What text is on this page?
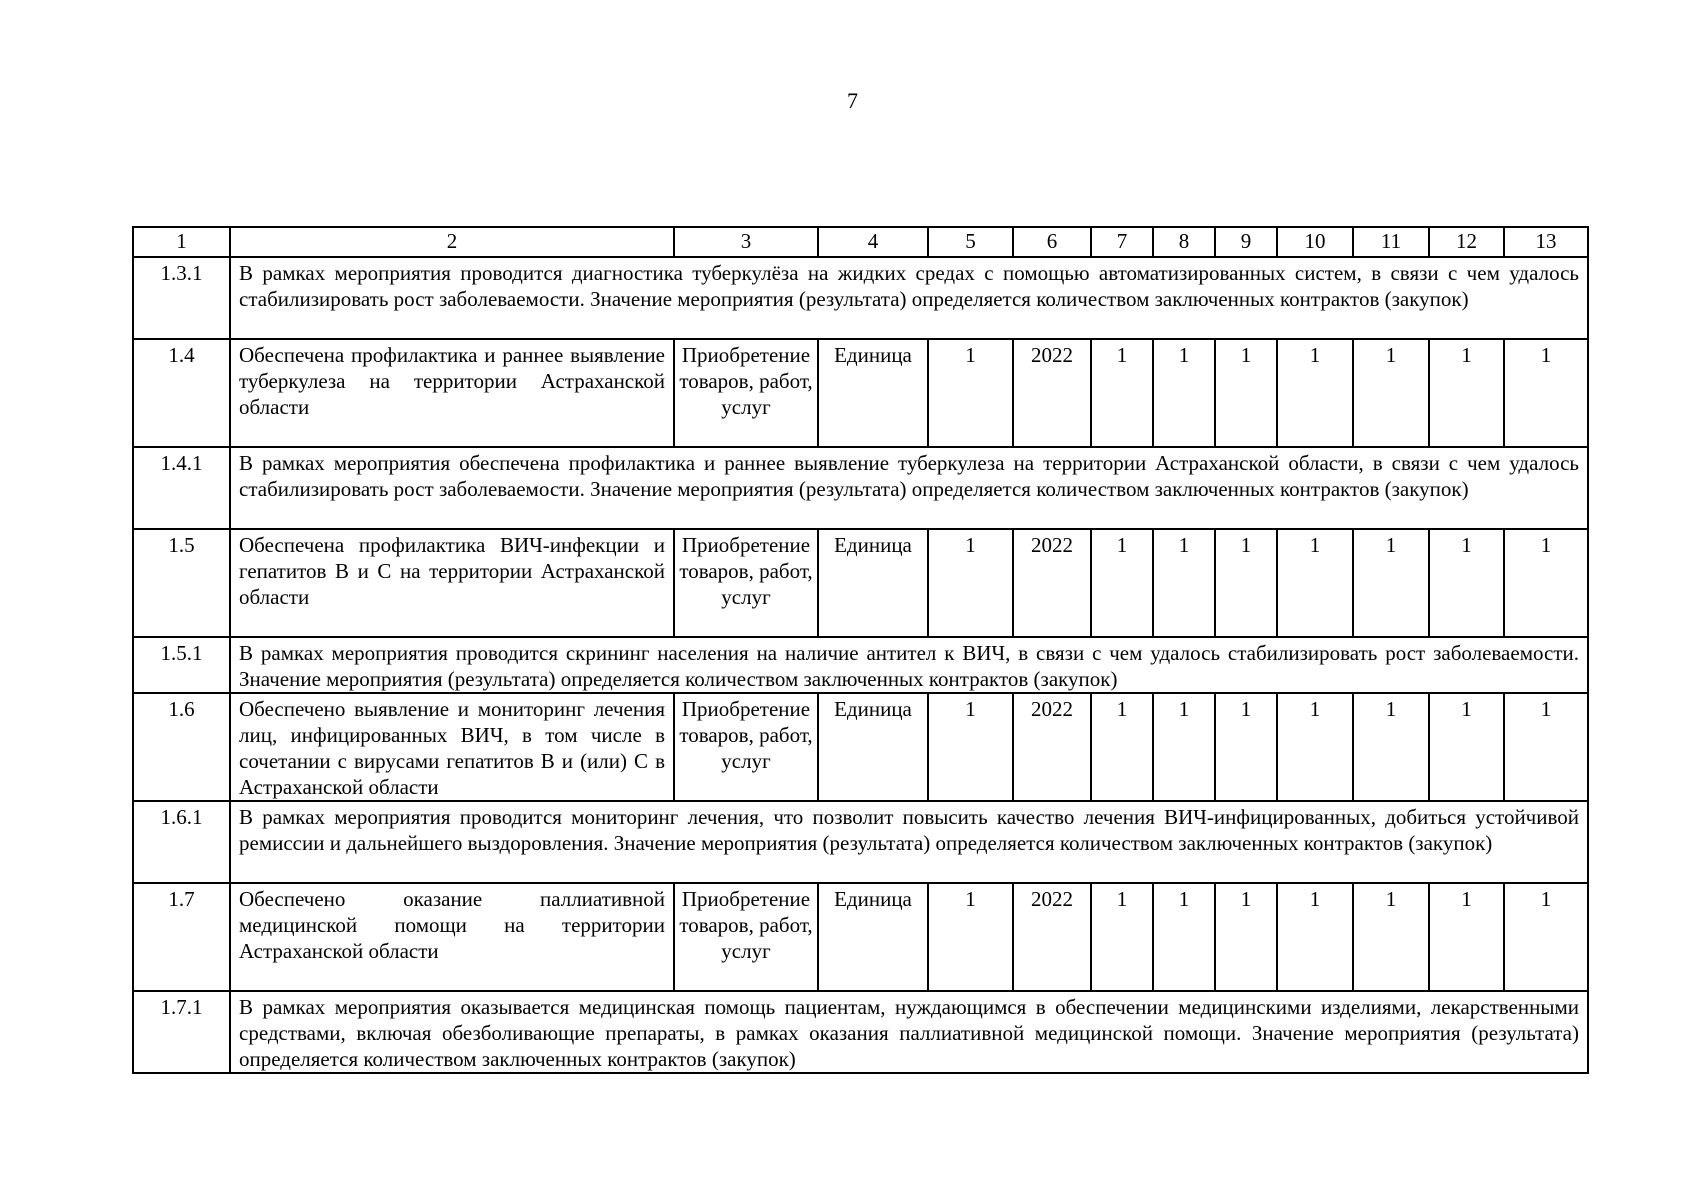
7
1	2	3	4	5	6	7	8	9	10	11	12	13
1.3.1	В рамках мероприятия проводится диагностика туберкулёза на жидких средах с помощью автоматизированных систем, в связи с чем удалось стабилизировать рост заболеваемости. Значение мероприятия (результата) определяется количеством заключенных контрактов (закупок)											
1.4	Обеспечена профилактика и раннее выявление туберкулеза на территории Астраханской области	Приобретение товаров, работ, услуг	Единица	1	2022	1	1	1	1	1	1	1
1.4.1	В рамках мероприятия обеспечена профилактика и раннее выявление туберкулеза на территории Астраханской области, в связи с чем удалось стабилизировать рост заболеваемости. Значение мероприятия (результата) определяется количеством заключенных контрактов (закупок)											
1.5	Обеспечена профилактика ВИЧ-инфекции и гепатитов В и С на территории Астраханской области	Приобретение товаров, работ, услуг	Единица	1	2022	1	1	1	1	1	1	1
1.5.1	В рамках мероприятия проводится скрининг населения на наличие антител к ВИЧ, в связи с чем удалось стабилизировать рост заболеваемости. Значение мероприятия (результата) определяется количеством заключенных контрактов (закупок)											
1.6	Обеспечено выявление и мониторинг лечения лиц, инфицированных ВИЧ, в том числе в сочетании с вирусами гепатитов В и (или) С в Астраханской области	Приобретение товаров, работ, услуг	Единица	1	2022	1	1	1	1	1	1	1
1.6.1	В рамках мероприятия проводится мониторинг лечения, что позволит повысить качество лечения ВИЧ-инфицированных, добиться устойчивой ремиссии и дальнейшего выздоровления. Значение мероприятия (результата) определяется количеством заключенных контрактов (закупок)											
1.7	Обеспечено оказание паллиативной медицинской помощи на территории Астраханской области	Приобретение товаров, работ, услуг	Единица	1	2022	1	1	1	1	1	1	1
1.7.1	В рамках мероприятия оказывается медицинская помощь пациентам, нуждающимся в обеспечении медицинскими изделиями, лекарственными средствами, включая обезболивающие препараты, в рамках оказания паллиативной медицинской помощи. Значение мероприятия (результата) определяется количеством заключенных контрактов (закупок)											
